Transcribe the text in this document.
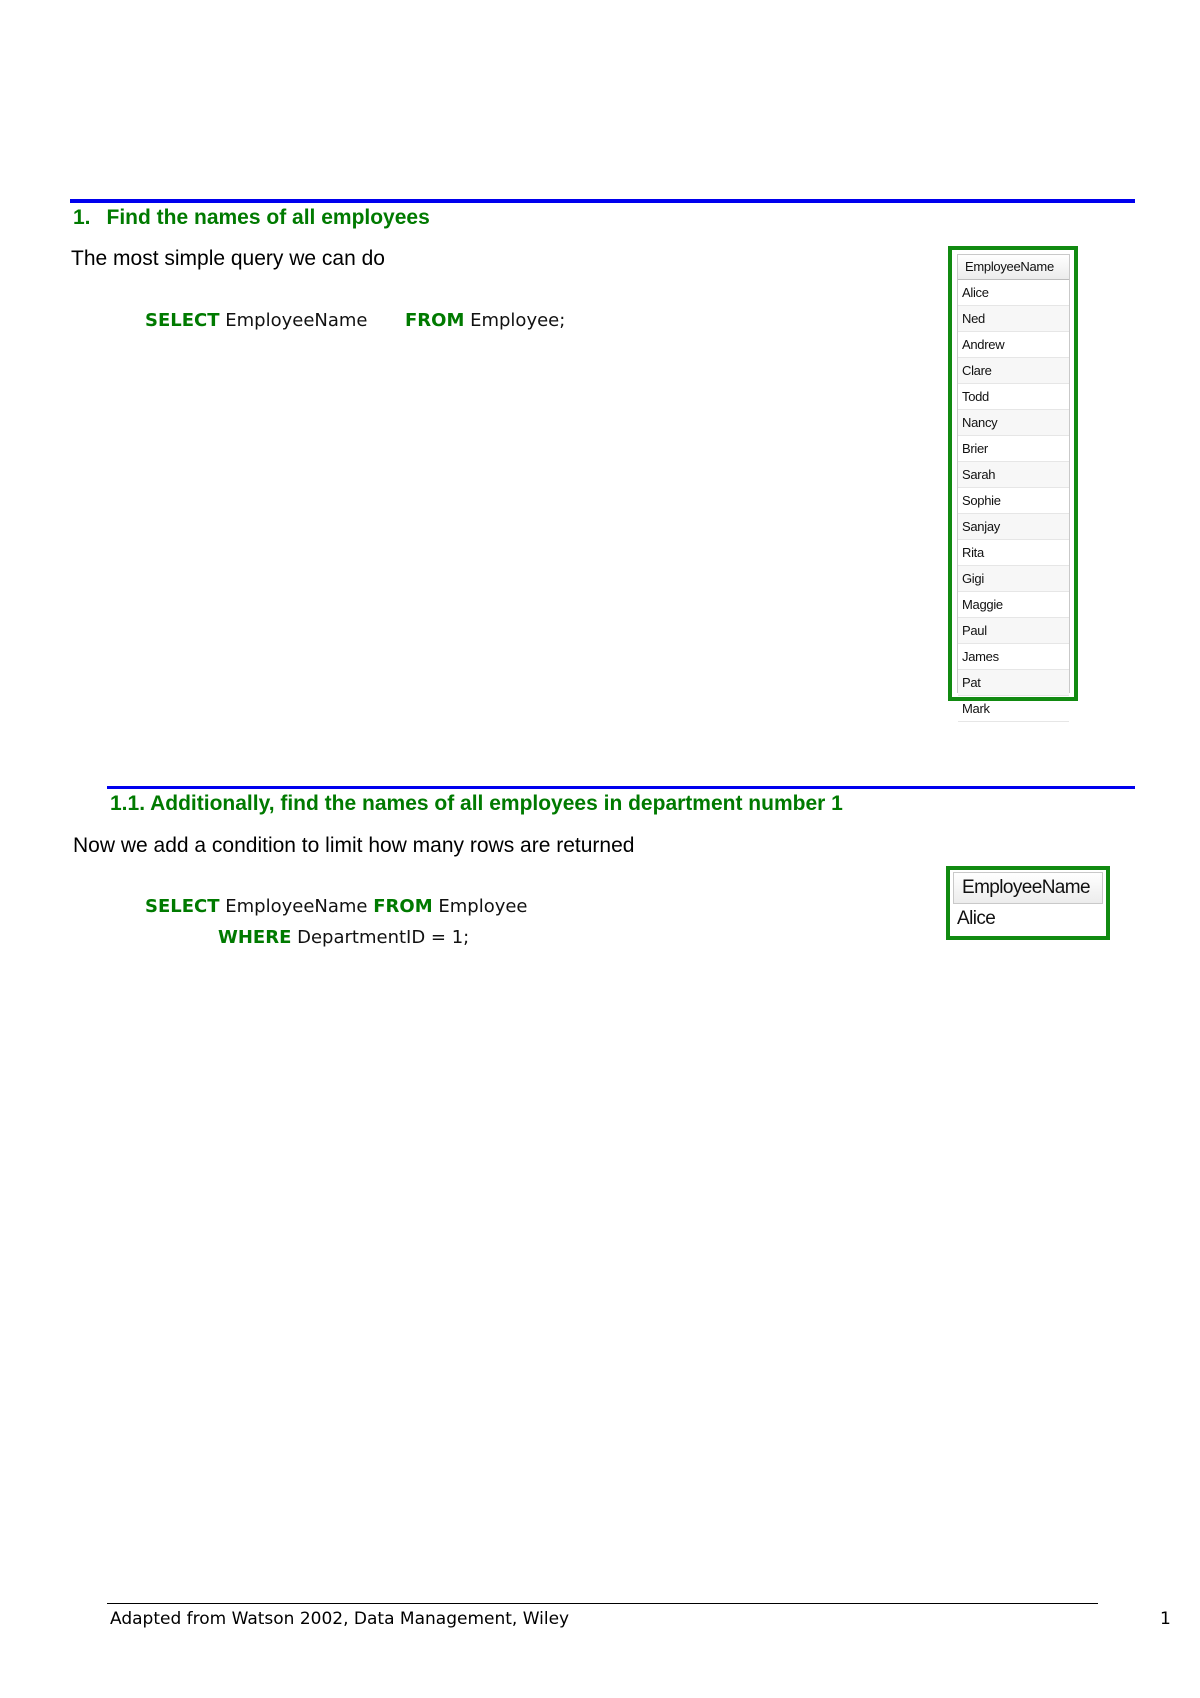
1. Find the names of all employees
The most simple query we can do
SELECT EmployeeName FROM Employee;
EmployeeName
Alice
Ned
Andrew
Clare
Todd
Nancy
Brier
Sarah
Sophie
Sanjay
Rita
Gigi
Maggie
Paul
James
Pat
Mark
1.1. Additionally, find the names of all employees in department number 1
Now we add a condition to limit how many rows are returned
SELECT EmployeeName FROM Employee
WHERE DepartmentID = 1;
EmployeeName
Alice
Adapted from Watson 2002, Data Management, Wiley	1
